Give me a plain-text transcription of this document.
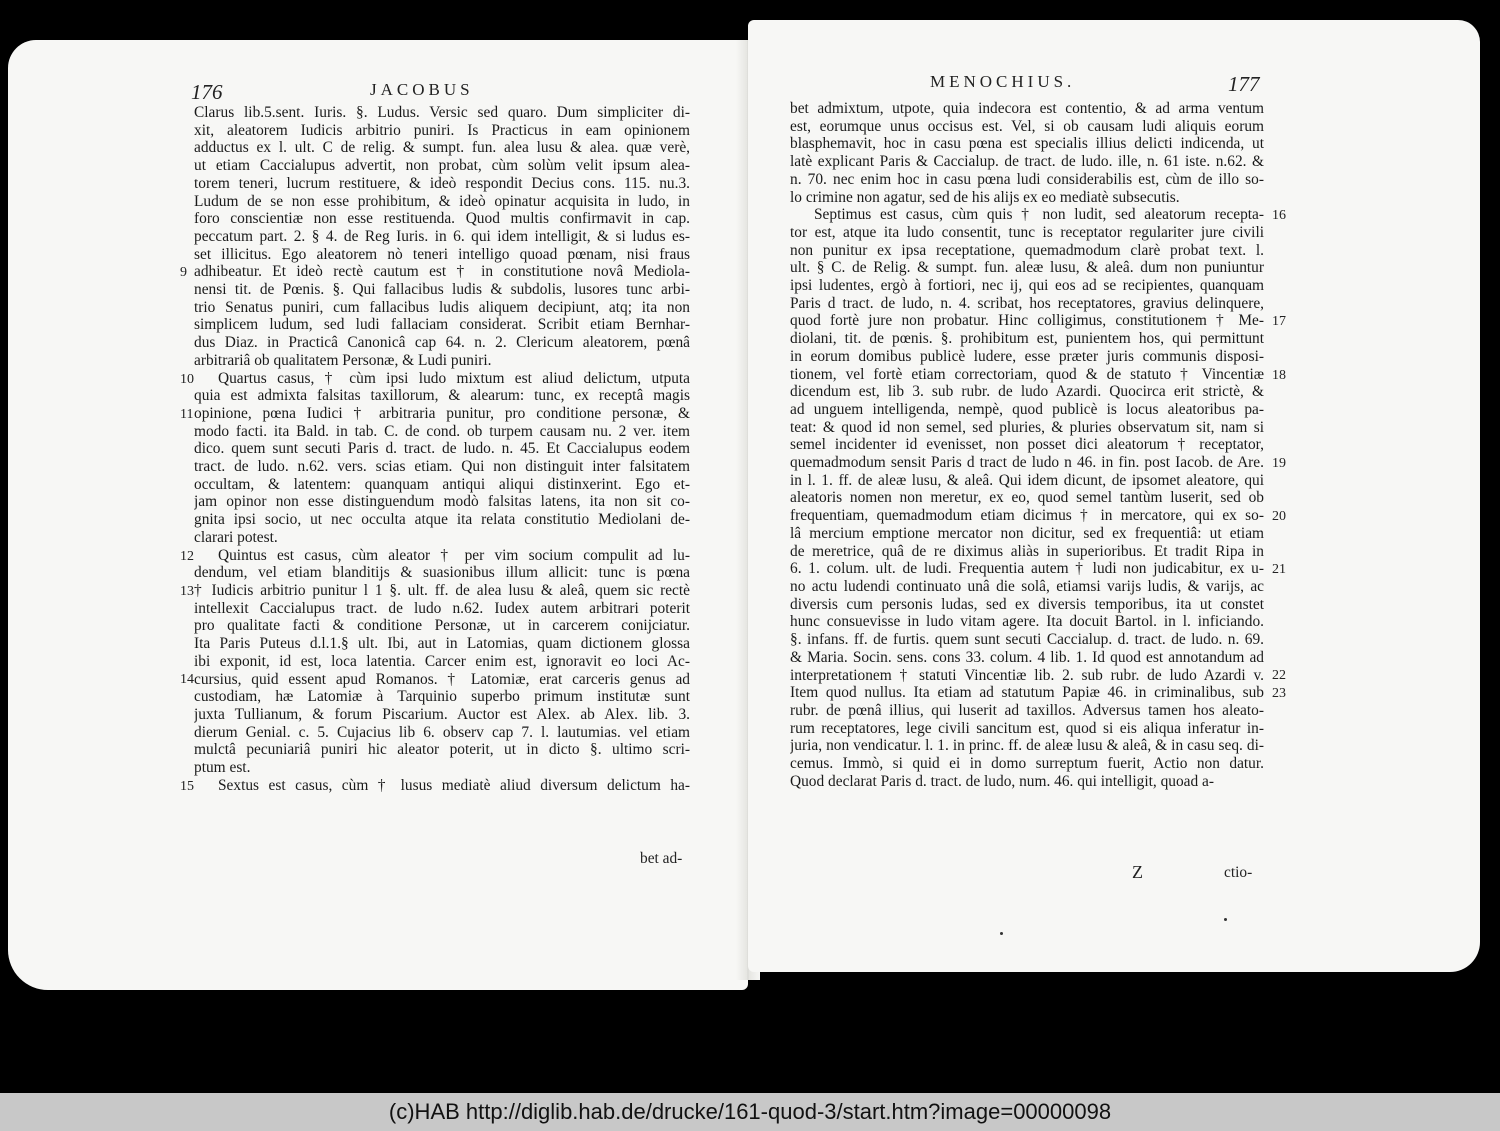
176	JACOBUS
Clarus lib.5.sent. Iuris. §. Ludus. Versic sed quaro. Dum simpliciter di-
xit, aleatorem Iudicis arbitrio puniri. Is Practicus in eam opinionem
adductus ex l. ult. C de relig. & sumpt. fun. alea lusu & alea. quæ verè,
ut etiam Caccialupus advertit, non probat, cùm solùm velit ipsum alea-
torem teneri, lucrum restituere, & ideò respondit Decius cons. 115. nu.3.
Ludum de se non esse prohibitum, & ideò opinatur acquisita in ludo, in
foro conscientiæ non esse restituenda. Quod multis confirmavit in cap.
peccatum part. 2. § 4. de Reg Iuris. in 6. qui idem intelligit, & si ludus es-
set illicitus. Ego aleatorem nò teneri intelligo quoad pœnam, nisi fraus
adhibeatur. Et ideò rectè cautum est † in constitutione novâ Mediola-
nensi tit. de Pœnis. §. Qui fallacibus ludis & subdolis, lusores tunc arbi-
trio Senatus puniri, cum fallacibus ludis aliquem decipiunt, atq; ita non
simplicem ludum, sed ludi fallaciam considerat. Scribit etiam Bernhar-
dus Diaz. in Practicâ Canonicâ cap 64. n. 2. Clericum aleatorem, pœnâ
arbitrariâ ob qualitatem Personæ, & Ludi puniri.
Quartus casus, † cùm ipsi ludo mixtum est aliud delictum, utputa
quia est admixta falsitas taxillorum, & alearum: tunc, ex receptâ magis
opinione, pœna Iudici † arbitraria punitur, pro conditione personæ, &
modo facti. ita Bald. in tab. C. de cond. ob turpem causam nu. 2 ver. item
dico. quem sunt secuti Paris d. tract. de ludo. n. 45. Et Caccialupus eodem
tract. de ludo. n.62. vers. scias etiam. Qui non distinguit inter falsitatem
occultam, & latentem: quanquam antiqui aliqui distinxerint. Ego et-
jam opinor non esse distinguendum modò falsitas latens, ita non sit co-
gnita ipsi socio, ut nec occulta atque ita relata constitutio Mediolani de-
clarari potest.
Quintus est casus, cùm aleator † per vim socium compulit ad lu-
dendum, vel etiam blanditijs & suasionibus illum allicit: tunc is pœna
† Iudicis arbitrio punitur l 1 §. ult. ff. de alea lusu & aleâ, quem sic rectè
intellexit Caccialupus tract. de ludo n.62. Iudex autem arbitrari poterit
pro qualitate facti & conditione Personæ, ut in carcerem conijciatur.
Ita Paris Puteus d.l.1.§ ult. Ibi, aut in Latomias, quam dictionem glossa
ibi exponit, id est, loca latentia. Carcer enim est, ignoravit eo loci Ac-
cursius, quid essent apud Romanos. † Latomiæ, erat carceris genus ad
custodiam, hæ Latomiæ à Tarquinio superbo primum institutæ sunt
juxta Tullianum, & forum Piscarium. Auctor est Alex. ab Alex. lib. 3.
dierum Genial. c. 5. Cujacius lib 6. observ cap 7. l. lautumias. vel etiam
mulctâ pecuniariâ puniri hic aleator poterit, ut in dicto §. ultimo scri-
ptum est.
Sextus est casus, cùm † lusus mediatè aliud diversum delictum ha-
bet ad-
9
10
11
12
13
14
15
MENOCHIUS.	177
bet admixtum, utpote, quia indecora est contentio, & ad arma ventum
est, eorumque unus occisus est. Vel, si ob causam ludi aliquis eorum
blasphemavit, hoc in casu pœna est specialis illius delicti indicenda, ut
latè explicant Paris & Caccialup. de tract. de ludo. ille, n. 61 iste. n.62. &
n. 70. nec enim hoc in casu pœna ludi considerabilis est, cùm de illo so-
lo crimine non agatur, sed de his alijs ex eo mediatè subsecutis.
Septimus est casus, cùm quis † non ludit, sed aleatorum recepta-
tor est, atque ita ludo consentit, tunc is receptator regulariter jure civili
non punitur ex ipsa receptatione, quemadmodum clarè probat text. l.
ult. § C. de Relig. & sumpt. fun. aleæ lusu, & aleâ. dum non puniuntur
ipsi ludentes, ergò à fortiori, nec ij, qui eos ad se recipientes, quanquam
Paris d tract. de ludo, n. 4. scribat, hos receptatores, gravius delinquere,
quod fortè jure non probatur. Hinc colligimus, constitutionem † Me-
diolani, tit. de pœnis. §. prohibitum est, punientem hos, qui permittunt
in eorum domibus publicè ludere, esse præter juris communis disposi-
tionem, vel fortè etiam correctoriam, quod & de statuto † Vincentiæ
dicendum est, lib 3. sub rubr. de ludo Azardi. Quocirca erit strictè, &
ad unguem intelligenda, nempè, quod publicè is locus aleatoribus pa-
teat: & quod id non semel, sed pluries, & pluries observatum sit, nam si
semel incidenter id evenisset, non posset dici aleatorum † receptator,
quemadmodum sensit Paris d tract de ludo n 46. in fin. post Iacob. de Are.
in l. 1. ff. de aleæ lusu, & aleâ. Qui idem dicunt, de ipsomet aleatore, qui
aleatoris nomen non meretur, ex eo, quod semel tantùm luserit, sed ob
frequentiam, quemadmodum etiam dicimus † in mercatore, qui ex so-
lâ mercium emptione mercator non dicitur, sed ex frequentiâ: ut etiam
de meretrice, quâ de re diximus aliàs in superioribus. Et tradit Ripa in
6. 1. colum. ult. de ludi. Frequentia autem † ludi non judicabitur, ex u-
no actu ludendi continuato unâ die solâ, etiamsi varijs ludis, & varijs, ac
diversis cum personis ludas, sed ex diversis temporibus, ita ut constet
hunc consuevisse in ludo vitam agere. Ita docuit Bartol. in l. inficiando.
§. infans. ff. de furtis. quem sunt secuti Caccialup. d. tract. de ludo. n. 69.
& Maria. Socin. sens. cons 33. colum. 4 lib. 1. Id quod est annotandum ad
interpretationem † statuti Vincentiæ lib. 2. sub rubr. de ludo Azardi v.
Item quod nullus. Ita etiam ad statutum Papiæ 46. in criminalibus, sub
rubr. de pœnâ illius, qui luserit ad taxillos. Adversus tamen hos aleato-
rum receptatores, lege civili sancitum est, quod si eis aliqua inferatur in-
juria, non vendicatur. l. 1. in princ. ff. de aleæ lusu & aleâ, & in casu seq. di-
cemus. Immò, si quid ei in domo surreptum fuerit, Actio non datur.
Quod declarat Paris d. tract. de ludo, num. 46. qui intelligit, quoad a-
Z	ctio-
16
17
18
19
20
21
22
23
(c)HAB http://diglib.hab.de/drucke/161-quod-3/start.htm?image=00000098
